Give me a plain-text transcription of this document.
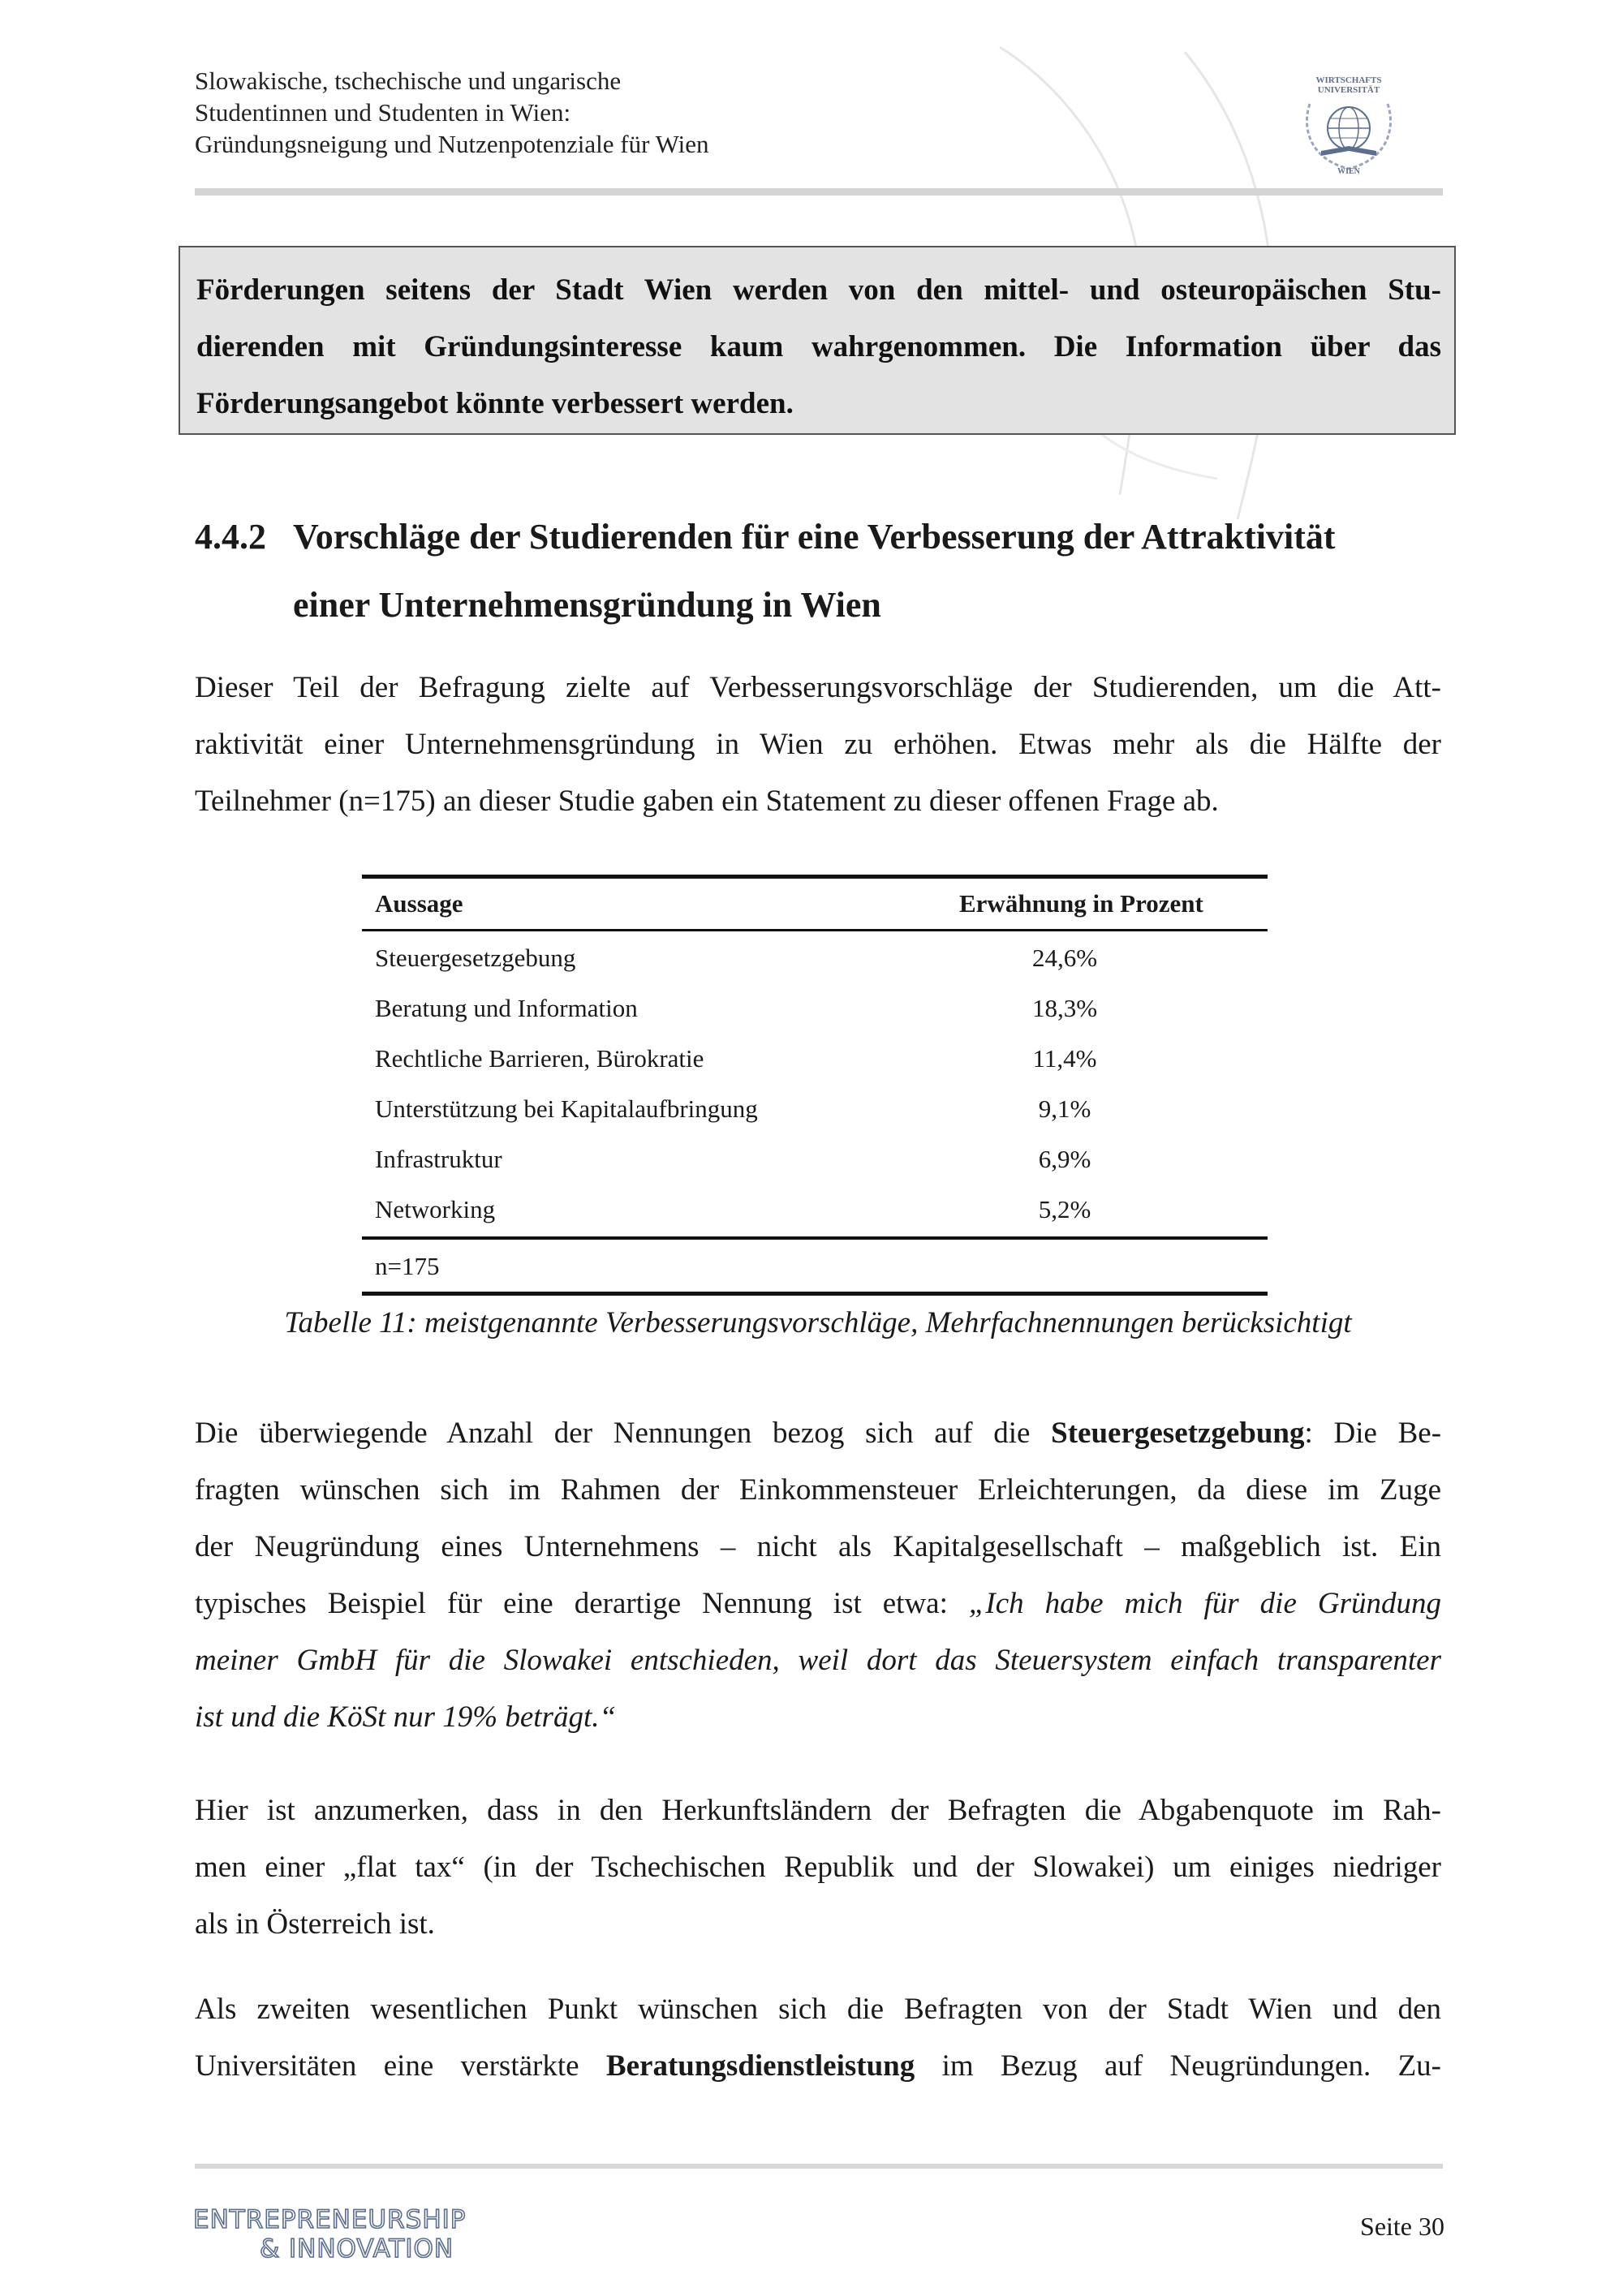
Slowakische, tschechische und ungarische
Studentinnen und Studenten in Wien:
Gründungsneigung und Nutzenpotenziale für Wien
WIRTSCHAFTS
UNIVERSITÄT
WIEN
Förderungen seitens der Stadt Wien werden von den mittel- und osteuropäischen Stu-
dierenden mit Gründungsinteresse kaum wahrgenommen. Die Information über das
Förderungsangebot könnte verbessert werden.
4.4.2 Vorschläge der Studierenden für eine Verbesserung der Attraktivität
einer Unternehmensgründung in Wien
Dieser Teil der Befragung zielte auf Verbesserungsvorschläge der Studierenden, um die Att-
raktivität einer Unternehmensgründung in Wien zu erhöhen. Etwas mehr als die Hälfte der
Teilnehmer (n=175) an dieser Studie gaben ein Statement zu dieser offenen Frage ab.
Aussage	Erwähnung in Prozent
Steuergesetzgebung	24,6%
Beratung und Information	18,3%
Rechtliche Barrieren, Bürokratie	11,4%
Unterstützung bei Kapitalaufbringung	9,1%
Infrastruktur	6,9%
Networking	5,2%
n=175
Tabelle 11: meistgenannte Verbesserungsvorschläge, Mehrfachnennungen berücksichtigt
Die überwiegende Anzahl der Nennungen bezog sich auf die Steuergesetzgebung: Die Be-
fragten wünschen sich im Rahmen der Einkommensteuer Erleichterungen, da diese im Zuge
der Neugründung eines Unternehmens – nicht als Kapitalgesellschaft – maßgeblich ist. Ein
typisches Beispiel für eine derartige Nennung ist etwa: „Ich habe mich für die Gründung
meiner GmbH für die Slowakei entschieden, weil dort das Steuersystem einfach transparenter
ist und die KöSt nur 19% beträgt.“
Hier ist anzumerken, dass in den Herkunftsländern der Befragten die Abgabenquote im Rah-
men einer „flat tax“ (in der Tschechischen Republik und der Slowakei) um einiges niedriger
als in Österreich ist.
Als zweiten wesentlichen Punkt wünschen sich die Befragten von der Stadt Wien und den
Universitäten eine verstärkte Beratungsdienstleistung im Bezug auf Neugründungen. Zu-
ENTREPRENEURSHIP
& INNOVATION
Seite 30
